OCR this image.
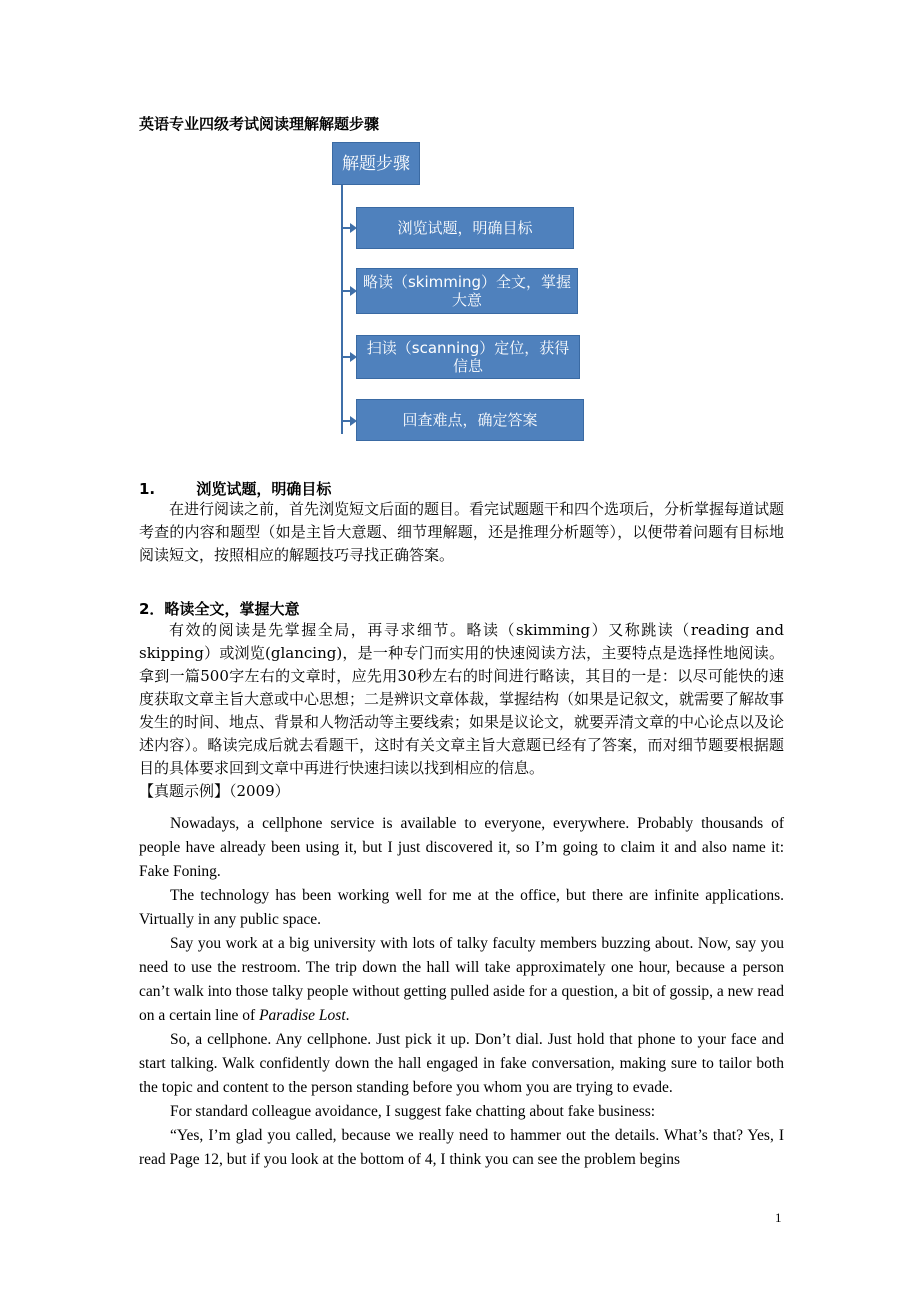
英语专业四级考试阅读理解解题步骤
解题步骤
浏览试题，明确目标
略读（skimming）全文，掌握大意
扫读（scanning）定位，获得信息
回查难点，确定答案
1.	浏览试题，明确目标

在进行阅读之前，首先浏览短文后面的题目。看完试题题干和四个选项后，分析掌握每道试题考查的内容和题型（如是主旨大意题、细节理解题，还是推理分析题等），以便带着问题有目标地阅读短文，按照相应的解题技巧寻找正确答案。

2．略读全文，掌握大意

有效的阅读是先掌握全局，再寻求细节。略读（skimming）又称跳读（reading and skipping）或浏览(glancing)，是一种专门而实用的快速阅读方法，主要特点是选择性地阅读。拿到一篇500字左右的文章时，应先用30秒左右的时间进行略读，其目的一是：以尽可能快的速度获取文章主旨大意或中心思想；二是辨识文章体裁，掌握结构（如果是记叙文，就需要了解故事发生的时间、地点、背景和人物活动等主要线索；如果是议论文，就要弄清文章的中心论点以及论述内容）。略读完成后就去看题干，这时有关文章主旨大意题已经有了答案，而对细节题要根据题目的具体要求回到文章中再进行快速扫读以找到相应的信息。

【真题示例】（2009）

Nowadays, a cellphone service is available to everyone, everywhere. Probably thousands of people have already been using it, but I just discovered it, so I’m going to claim it and also name it: Fake Foning.

The technology has been working well for me at the office, but there are infinite applications. Virtually in any public space.

Say you work at a big university with lots of talky faculty members buzzing about. Now, say you need to use the restroom. The trip down the hall will take approximately one hour, because a person can’t walk into those talky people without getting pulled aside for a question, a bit of gossip, a new read on a certain line of Paradise Lost.

So, a cellphone. Any cellphone. Just pick it up. Don’t dial. Just hold that phone to your face and start talking. Walk confidently down the hall engaged in fake conversation, making sure to tailor both the topic and content to the person standing before you whom you are trying to evade.

For standard colleague avoidance, I suggest fake chatting about fake business:

“Yes, I’m glad you called, because we really need to hammer out the details. What’s that? Yes, I read Page 12, but if you look at the bottom of 4, I think you can see the problem begins

1
